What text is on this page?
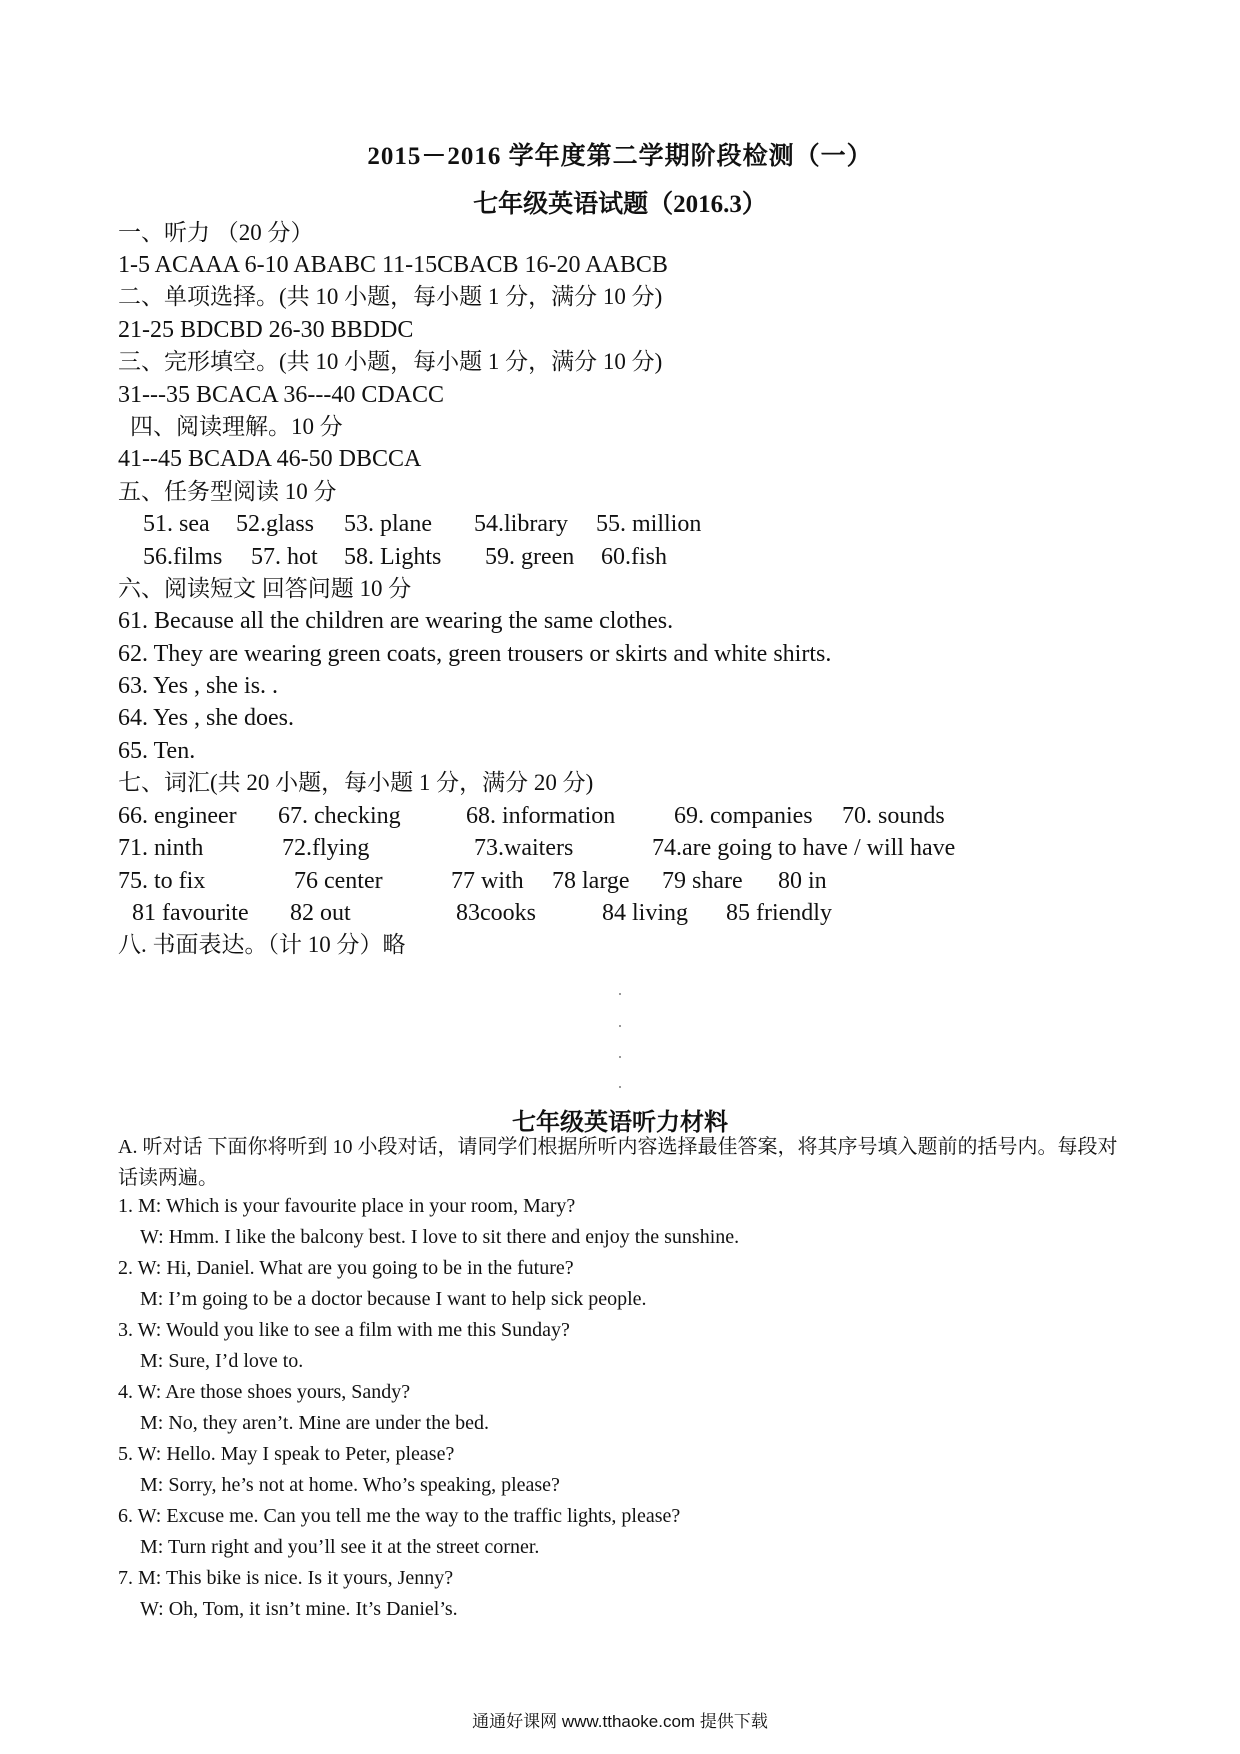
2015－2016 学年度第二学期阶段检测（一）
七年级英语试题（2016.3）
一、听力 （20 分）
1-5 ACAAA 6-10 ABABC 11-15CBACB 16-20 AABCB
二、单项选择。(共 10 小题，每小题 1 分，满分 10 分)
21-25 BDCBD 26-30 BBDDC
三、完形填空。(共 10 小题，每小题 1 分，满分 10 分)
31---35 BCACA 36---40 CDACC
四、阅读理解。10 分
41--45 BCADA 46-50 DBCCA
五、任务型阅读 10 分
51. sea 52.glass 53. plane 54.library 55. million
56.films 57. hot 58. Lights 59. green 60.fish
六、阅读短文 回答问题 10 分
61. Because all the children are wearing the same clothes.
62. They are wearing green coats, green trousers or skirts and white shirts.
63. Yes , she is. .
64. Yes , she does.
65. Ten.
七、词汇(共 20 小题，每小题 1 分，满分 20 分)
66. engineer 67. checking	68. information 69. companies 70. sounds
71. ninth	72.flying	73.waiters	74.are going to have / will have
75. to fix	76 center	77 with 78 large 79 share 80 in
81 favourite 82 out	83cooks	84 living 85 friendly
八. 书面表达。（计 10 分）略
七年级英语听力材料
A. 听对话 下面你将听到 10 小段对话，请同学们根据所听内容选择最佳答案，将其序号填入题前的括号内。每段对话读两遍。
1. M: Which is your favourite place in your room, Mary?
W: Hmm. I like the balcony best. I love to sit there and enjoy the sunshine.
2. W: Hi, Daniel. What are you going to be in the future?
M: I’m going to be a doctor because I want to help sick people.
3. W: Would you like to see a film with me this Sunday?
M: Sure, I’d love to.
4. W: Are those shoes yours, Sandy?
M: No, they aren’t. Mine are under the bed.
5. W: Hello. May I speak to Peter, please?
M: Sorry, he’s not at home. Who’s speaking, please?
6. W: Excuse me. Can you tell me the way to the traffic lights, please?
M: Turn right and you’ll see it at the street corner.
7. M: This bike is nice. Is it yours, Jenny?
W: Oh, Tom, it isn’t mine. It’s Daniel’s.
通通好课网 www.tthaoke.com 提供下载
